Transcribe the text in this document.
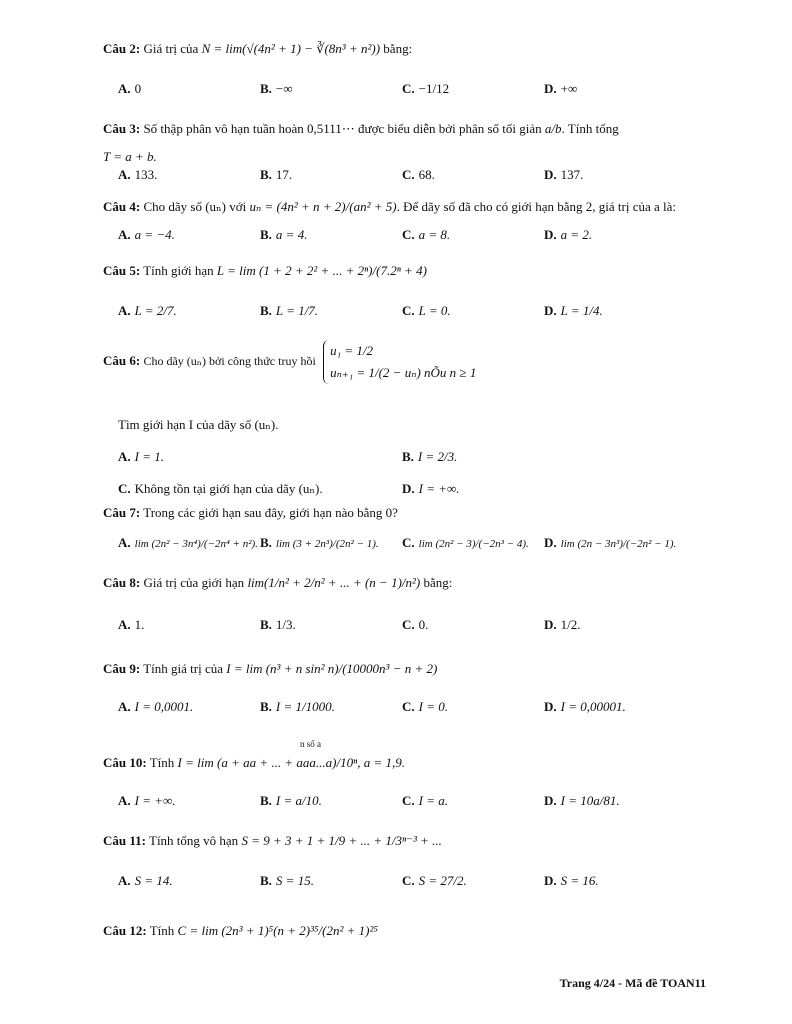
Câu 2: Giá trị của N = lim(√(4n² + 1) − ∛(8n³ + n²)) bằng:
A. 0	B. −∞	C. −1/12	D. +∞
Câu 3: Số thập phân vô hạn tuần hoàn 0,5111⋯ được biểu diễn bởi phân số tối giản a/b. Tính tổng
T = a + b.
A. 133.	B. 17.	C. 68.	D. 137.
Câu 4: Cho dãy số (uₙ) với uₙ = (4n² + n + 2)/(an² + 5). Để dãy số đã cho có giới hạn bằng 2, giá trị của a là:
A. a = −4.	B. a = 4.	C. a = 8.	D. a = 2.
Câu 5: Tính giới hạn L = lim (1 + 2 + 2² + ... + 2ⁿ)/(7.2ⁿ + 4)
A. L = 2/7.	B. L = 1/7.	C. L = 0.	D. L = 1/4.
Câu 6: Cho dãy (uₙ) bởi công thức truy hồi
u₁ = 1/2
uₙ₊₁ = 1/(2 − uₙ) nÕu n ≥ 1
Tìm giới hạn I của dãy số (uₙ).
A. I = 1.	B. I = 2/3.
C. Không tồn tại giới hạn của dãy (uₙ).	D. I = +∞.
Câu 7: Trong các giới hạn sau đây, giới hạn nào bằng 0?
A. lim (2n² − 3n⁴)/(−2n⁴ + n²). B. lim (3 + 2n³)/(2n² − 1). C. lim (2n² − 3)/(−2n³ − 4). D. lim (2n − 3n³)/(−2n² − 1).
Câu 8: Giá trị của giới hạn lim(1/n² + 2/n² + ... + (n − 1)/n²) bằng:
A. 1.	B. 1/3.	C. 0.	D. 1/2.
Câu 9: Tính giá trị của I = lim (n³ + n sin² n)/(10000n³ − n + 2)
A. I = 0,0001.	B. I = 1/1000.	C. I = 0.	D. I = 0,00001.
n số a
Câu 10: Tính I = lim (a + aa + ... + aaa...a)/10ⁿ, a = 1,9.
A. I = +∞.	B. I = a/10.	C. I = a.	D. I = 10a/81.
Câu 11: Tính tổng vô hạn S = 9 + 3 + 1 + 1/9 + ... + 1/3ⁿ⁻³ + ...
A. S = 14.	B. S = 15.	C. S = 27/2.	D. S = 16.
Câu 12: Tính C = lim (2n³ + 1)⁵(n + 2)³⁵/(2n² + 1)²⁵
Trang 4/24 - Mã đề TOAN11
